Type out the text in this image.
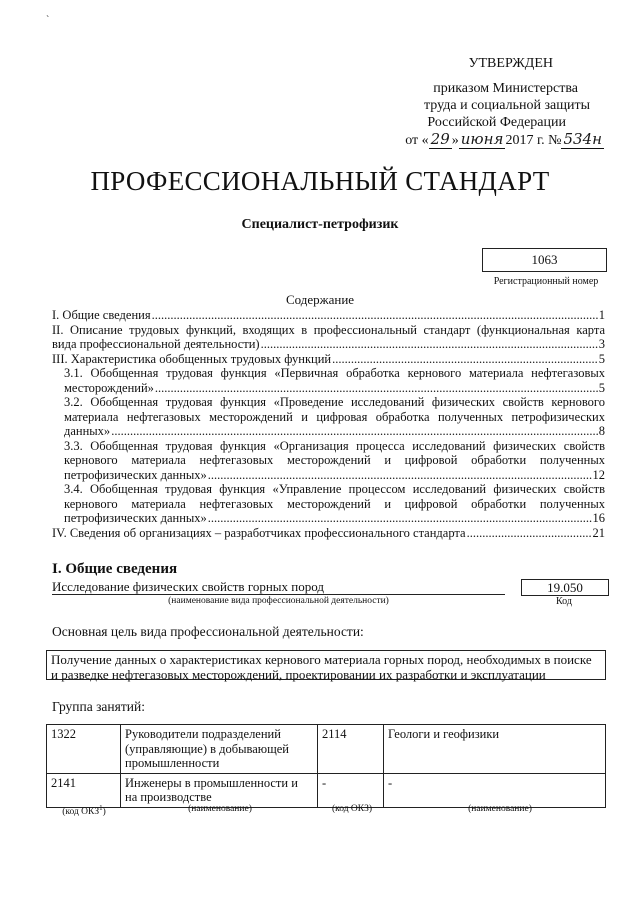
`
УТВЕРЖДЕН
приказом Министерства
труда и социальной защиты
Российской Федерации
от « 29 » июня 2017 г. № 534н
ПРОФЕССИОНАЛЬНЫЙ СТАНДАРТ
Специалист-петрофизик
1063
Регистрационный номер
Содержание
I. Общие сведения .....	1
II. Описание трудовых функций, входящих в профессиональный стандарт (функциональная карта
вида профессиональной деятельности) .....	3
III. Характеристика обобщенных трудовых функций .....	5
3.1. Обобщенная трудовая функция «Первичная обработка кернового материала нефтегазовых
месторождений» .....	5
3.2. Обобщенная трудовая функция «Проведение исследований физических свойств кернового
материала нефтегазовых месторождений и цифровая обработка полученных петрофизических
данных» .....	8
3.3. Обобщенная трудовая функция «Организация процесса исследований физических свойств
кернового материала нефтегазовых месторождений и цифровой обработки полученных
петрофизических данных» .....	12
3.4. Обобщенная трудовая функция «Управление процессом исследований физических свойств
кернового материала нефтегазовых месторождений и цифровой обработки полученных
петрофизических данных» .....	16
IV. Сведения об организациях – разработчиках профессионального стандарта .....	21
I. Общие сведения
Исследование физических свойств горных пород
(наименование вида профессиональной деятельности)
19.050
Код
Основная цель вида профессиональной деятельности:
Получение данных о характеристиках кернового материала горных пород, необходимых в поиске и разведке нефтегазовых месторождений, проектировании их разработки и эксплуатации
Группа занятий:
1322	Руководители подразделений (управляющие) в добывающей промышленности	2114	Геологи и геофизики
2141	Инженеры в промышленности и на производстве	-	-
(код ОКЗ$^1$)	(наименование)	(код ОКЗ)	(наименование)
